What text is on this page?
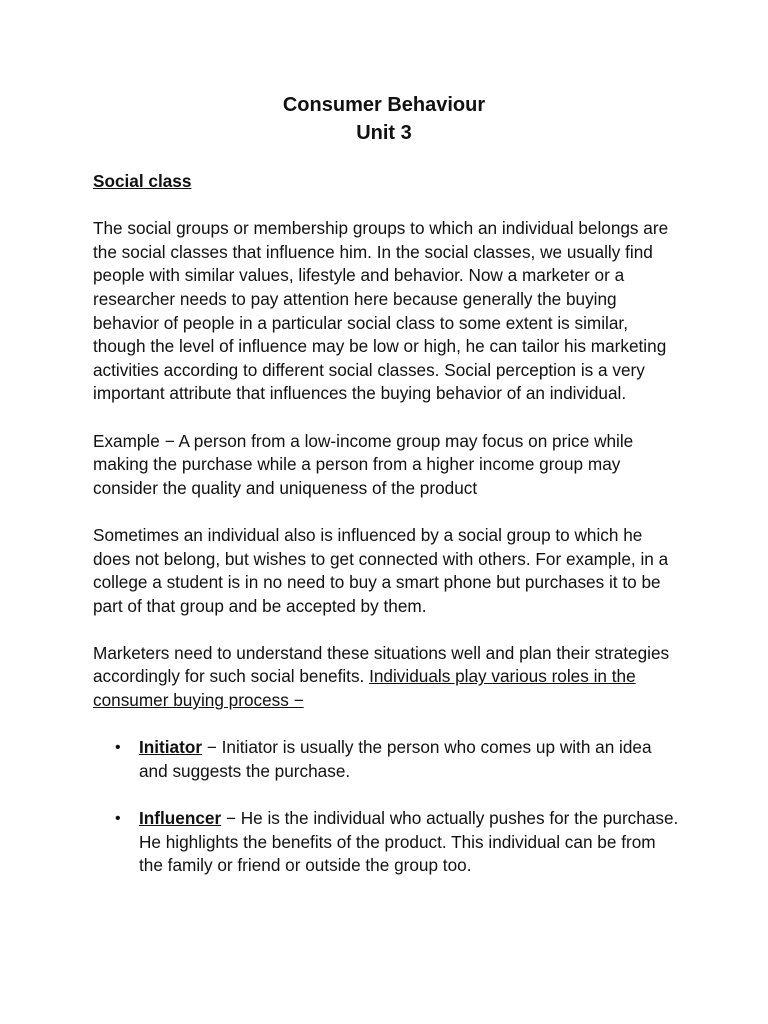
Consumer Behaviour
Unit 3

Social class

The social groups or membership groups to which an individual belongs are the social classes that influence him. In the social classes, we usually find people with similar values, lifestyle and behavior. Now a marketer or a researcher needs to pay attention here because generally the buying behavior of people in a particular social class to some extent is similar, though the level of influence may be low or high, he can tailor his marketing activities according to different social classes. Social perception is a very important attribute that influences the buying behavior of an individual.

Example − A person from a low-income group may focus on price while making the purchase while a person from a higher income group may consider the quality and uniqueness of the product

Sometimes an individual also is influenced by a social group to which he does not belong, but wishes to get connected with others. For example, in a college a student is in no need to buy a smart phone but purchases it to be part of that group and be accepted by them.

Marketers need to understand these situations well and plan their strategies accordingly for such social benefits. Individuals play various roles in the consumer buying process −

• Initiator − Initiator is usually the person who comes up with an idea and suggests the purchase.
• Influencer − He is the individual who actually pushes for the purchase. He highlights the benefits of the product. This individual can be from the family or friend or outside the group too.
